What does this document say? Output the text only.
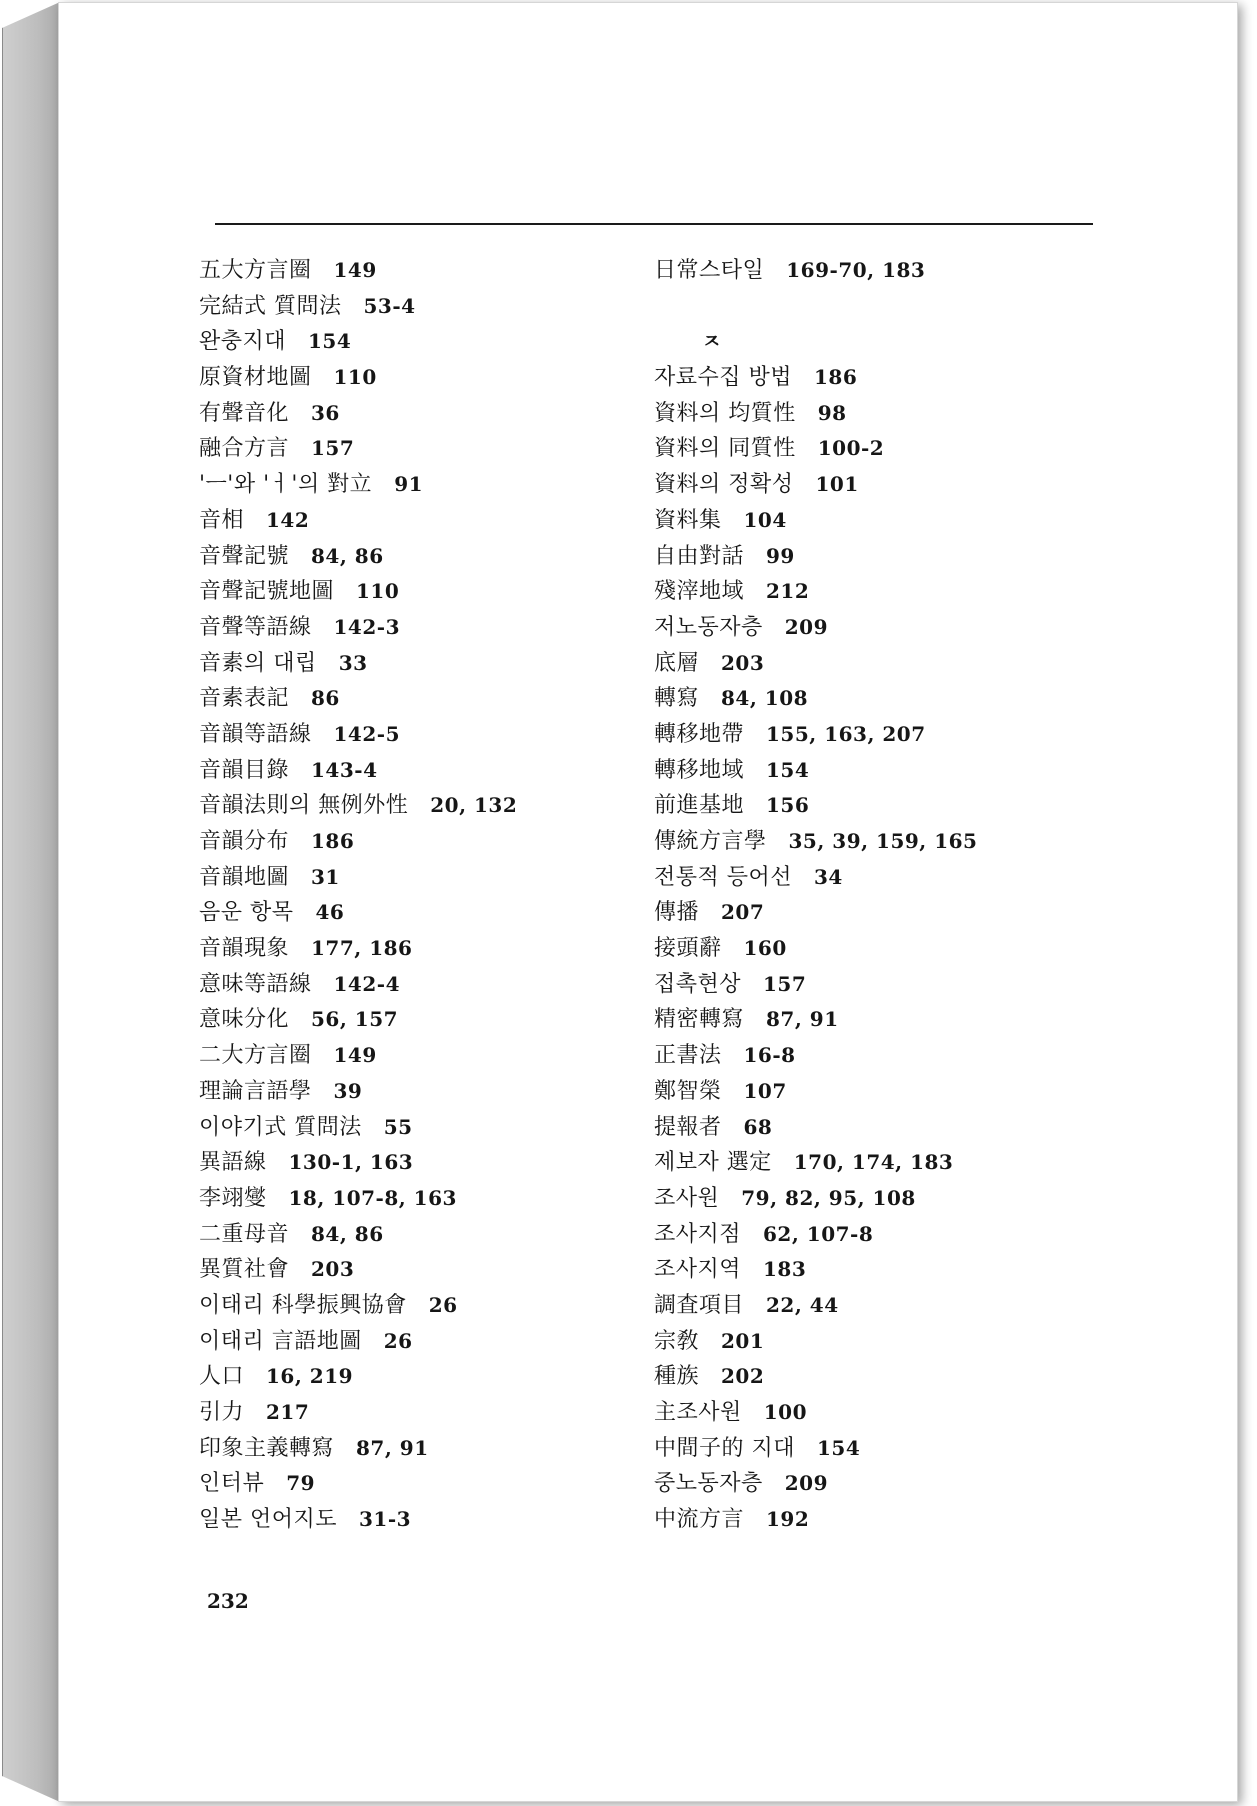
五大方言圈 149
完結式 質問法 53-4
완충지대 154
原資材地圖 110
有聲音化 36
融合方言 157
'ㅡ'와 'ㅓ'의 對立 91
音相 142
音聲記號 84, 86
音聲記號地圖 110
音聲等語線 142-3
音素의 대립 33
音素表記 86
音韻等語線 142-5
音韻目錄 143-4
音韻法則의 無例外性 20, 132
音韻分布 186
音韻地圖 31
음운 항목 46
音韻現象 177, 186
意味等語線 142-4
意味分化 56, 157
二大方言圈 149
理論言語學 39
이야기式 質問法 55
異語線 130-1, 163
李翊燮 18, 107-8, 163
二重母音 84, 86
異質社會 203
이태리 科學振興協會 26
이태리 言語地圖 26
人口 16, 219
引力 217
印象主義轉寫 87, 91
인터뷰 79
일본 언어지도 31-3
日常스타일 169-70, 183
ㅈ
자료수집 방법 186
資料의 均質性 98
資料의 同質性 100-2
資料의 정확성 101
資料集 104
自由對話 99
殘滓地域 212
저노동자층 209
底層 203
轉寫 84, 108
轉移地帶 155, 163, 207
轉移地域 154
前進基地 156
傳統方言學 35, 39, 159, 165
전통적 등어선 34
傳播 207
接頭辭 160
접촉현상 157
精密轉寫 87, 91
正書法 16-8
鄭智榮 107
提報者 68
제보자 選定 170, 174, 183
조사원 79, 82, 95, 108
조사지점 62, 107-8
조사지역 183
調査項目 22, 44
宗敎 201
種族 202
主조사원 100
中間子的 지대 154
중노동자층 209
中流方言 192
232
